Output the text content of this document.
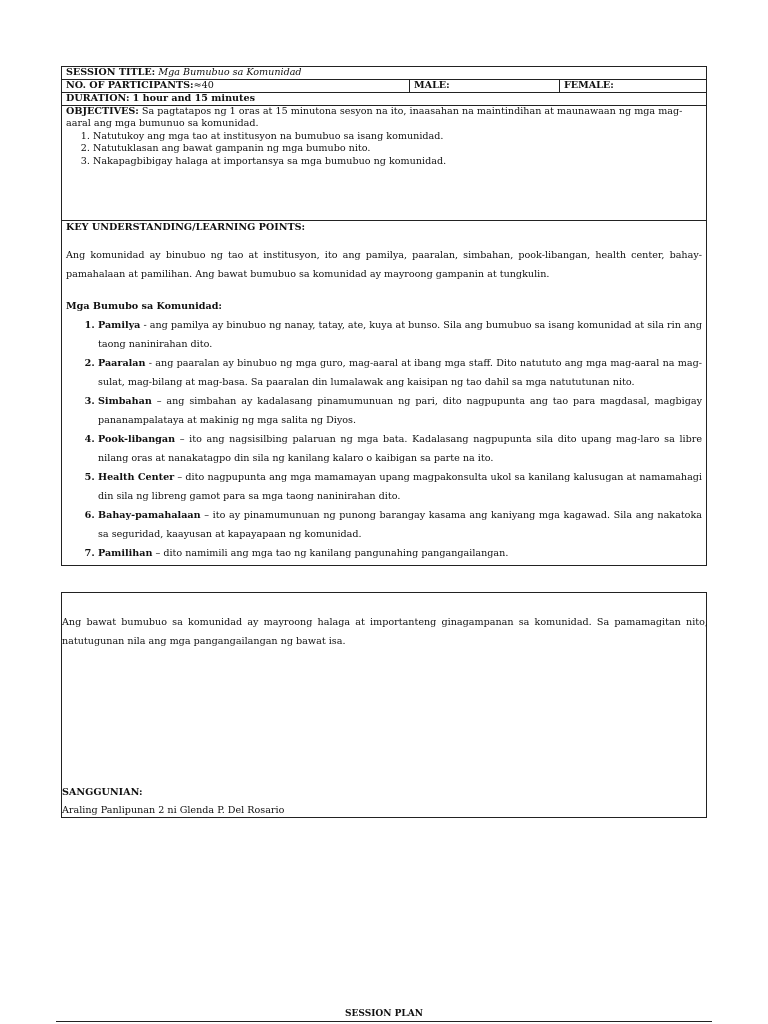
SESSION TITLE: Mga Bumubuo sa Komunidad
NO. OF PARTICIPANTS:≈40	MALE:	FEMALE:
DURATION: 1 hour and 15 minutes
OBJECTIVES: Sa pagtatapos ng 1 oras at 15 minutona sesyon na ito, inaasahan na maintindihan at maunawaan ng mga mag-aaral ang mga bumunuo sa komunidad.
1. Natutukoy ang mga tao at institusyon na bumubuo sa isang komunidad.
2. Natutuklasan ang bawat gampanin ng mga bumubo nito.
3. Nakapagbibigay halaga at importansya sa mga bumubuo ng komunidad.
KEY UNDERSTANDING/LEARNING POINTS:
Ang komunidad ay binubuo ng tao at institusyon, ito ang pamilya, paaralan, simbahan, pook-libangan, health center, bahay-pamahalaan at pamilihan. Ang bawat bumubuo sa komunidad ay mayroong gampanin at tungkulin.
Mga Bumubo sa Komunidad:
1. Pamilya - ang pamilya ay binubuo ng nanay, tatay, ate, kuya at bunso. Sila ang bumubuo sa isang komunidad at sila rin ang taong naninirahan dito.
2. Paaralan - ang paaralan ay binubuo ng mga guro, mag-aaral at ibang mga staff. Dito natututo ang mga mag-aaral na mag-sulat, mag-bilang at mag-basa. Sa paaralan din lumalawak ang kaisipan ng tao dahil sa mga natututunan nito.
3. Simbahan – ang simbahan ay kadalasang pinamumunuan ng pari, dito nagpupunta ang tao para magdasal, magbigay pananampalataya at makinig ng mga salita ng Diyos.
4. Pook-libangan – ito ang nagsisilbing palaruan ng mga bata. Kadalasang nagpupunta sila dito upang mag-laro sa libre nilang oras at nanakatagpo din sila ng kanilang kalaro o kaibigan sa parte na ito.
5. Health Center – dito nagpupunta ang mga mamamayan upang magpakonsulta ukol sa kanilang kalusugan at namamahagi din sila ng libreng gamot para sa mga taong naninirahan dito.
6. Bahay-pamahalaan – ito ay pinamumunuan ng punong barangay kasama ang kaniyang mga kagawad. Sila ang nakatoka sa seguridad, kaayusan at kapayapaan ng komunidad.
7. Pamilihan – dito namimili ang mga tao ng kanilang pangunahing pangangailangan.
Ang bawat bumubuo sa komunidad ay mayroong halaga at importanteng ginagampanan sa komunidad. Sa pamamagitan nito, natutugunan nila ang mga pangangailangan ng bawat isa.
SANGGUNIAN:
Araling Panlipunan 2 ni Glenda P. Del Rosario
SESSION PLAN
